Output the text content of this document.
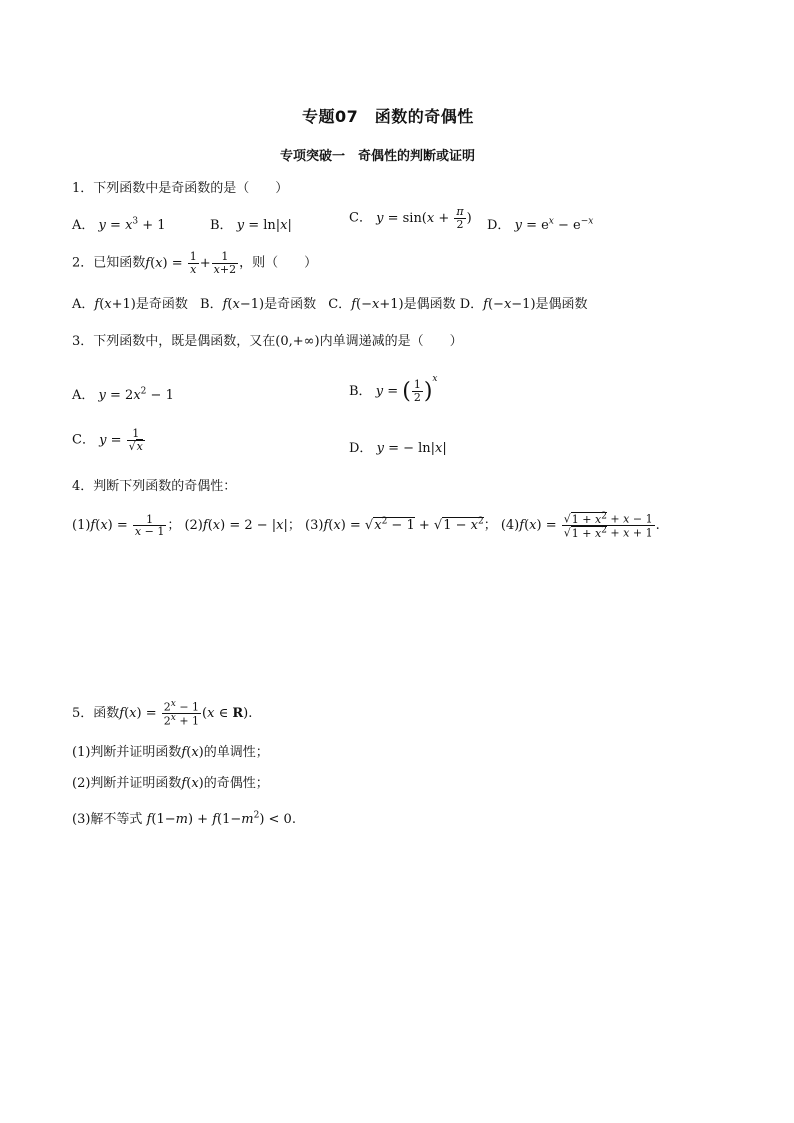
专题07　函数的奇偶性
专项突破一　奇偶性的判断或证明
1．下列函数中是奇函数的是（　　）
A． $y = x^3 + 1$	B． y = ln|x|	C． $y = \sin(x + \frac{\pi}{2}$ ) D． $y = e^x - e^{-x}$
2．已知函数$f(x) = \frac{1}{x} + \frac{1}{x+2}$ ，则（　　）
A．f(x+1)是奇函数 B．f(x−1)是奇函数 C．f(−x+1)是偶函数 D．f(−x−1)是偶函数
3．下列函数中，既是偶函数，又在(0,+∞)内单调递减的是（　　）
A． $y = 2x^2 - 1$	B． y = ( $\frac{1}{2} )^x$
C． $y = \frac{1}{√x}$	D． y = − ln|x|
4．判断下列函数的奇偶性：
$(1)f(x) = \frac{1}{x - 1}$ ； (2)f(x) = 2 − |x|； $(3)f(x) = √x^2 - 1 + √1 - x^2$； $(4)f(x) = \frac{√1 + x^2 + x - 1}{√1 + x^2 + x + 1}$ .
5．函数$f(x) = \frac{2^x - 1}{2^x + 1} (x$ ∈ R).
(1)判断并证明函数f(x)的单调性；
(2)判断并证明函数f(x)的奇偶性；
(3)解不等式 $f(1-m) + f(1-m^2) < 0$.
